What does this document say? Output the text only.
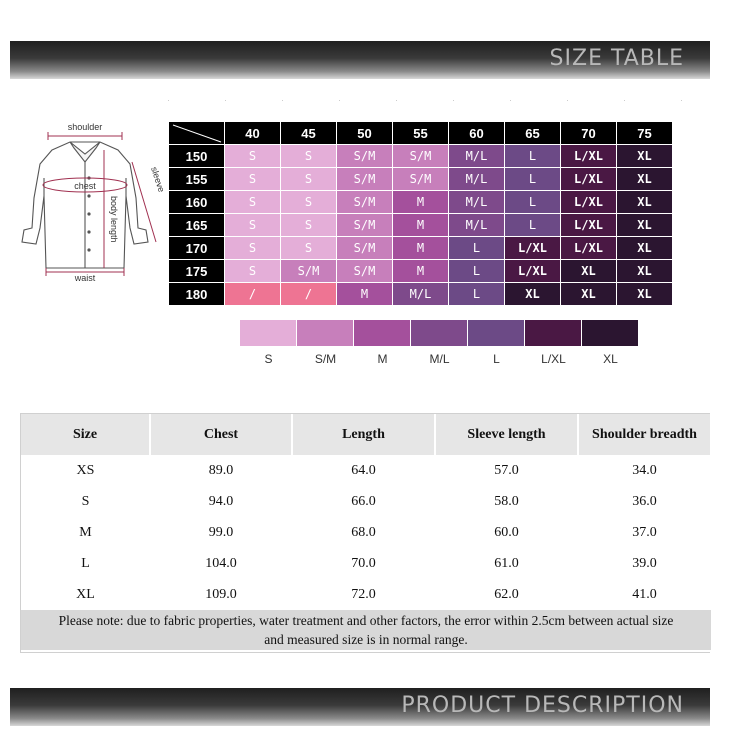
SIZE TABLE
shoulder
chest	sleeve
body length
waist
	40	45	50	55	60	65	70	75
150	S	S	S/M	S/M	M/L	L	L/XL	XL
155	S	S	S/M	S/M	M/L	L	L/XL	XL
160	S	S	S/M	M	M/L	L	L/XL	XL
165	S	S	S/M	M	M/L	L	L/XL	XL
170	S	S	S/M	M	L	L/XL	L/XL	XL
175	S	S/M	S/M	M	L	L/XL	XL	XL
180	/	/	M	M/L	L	XL	XL	XL
S	S/M	M	M/L	L	L/XL	XL
Size	Chest	Length	Sleeve length	Shoulder breadth
XS	89.0	64.0	57.0	34.0
S	94.0	66.0	58.0	36.0
M	99.0	68.0	60.0	37.0
L	104.0	70.0	61.0	39.0
XL	109.0	72.0	62.0	41.0

Please note: due to fabric properties, water treatment and other factors, the error within 2.5cm between actual size
and measured size is in normal range.				
PRODUCT DESCRIPTION
